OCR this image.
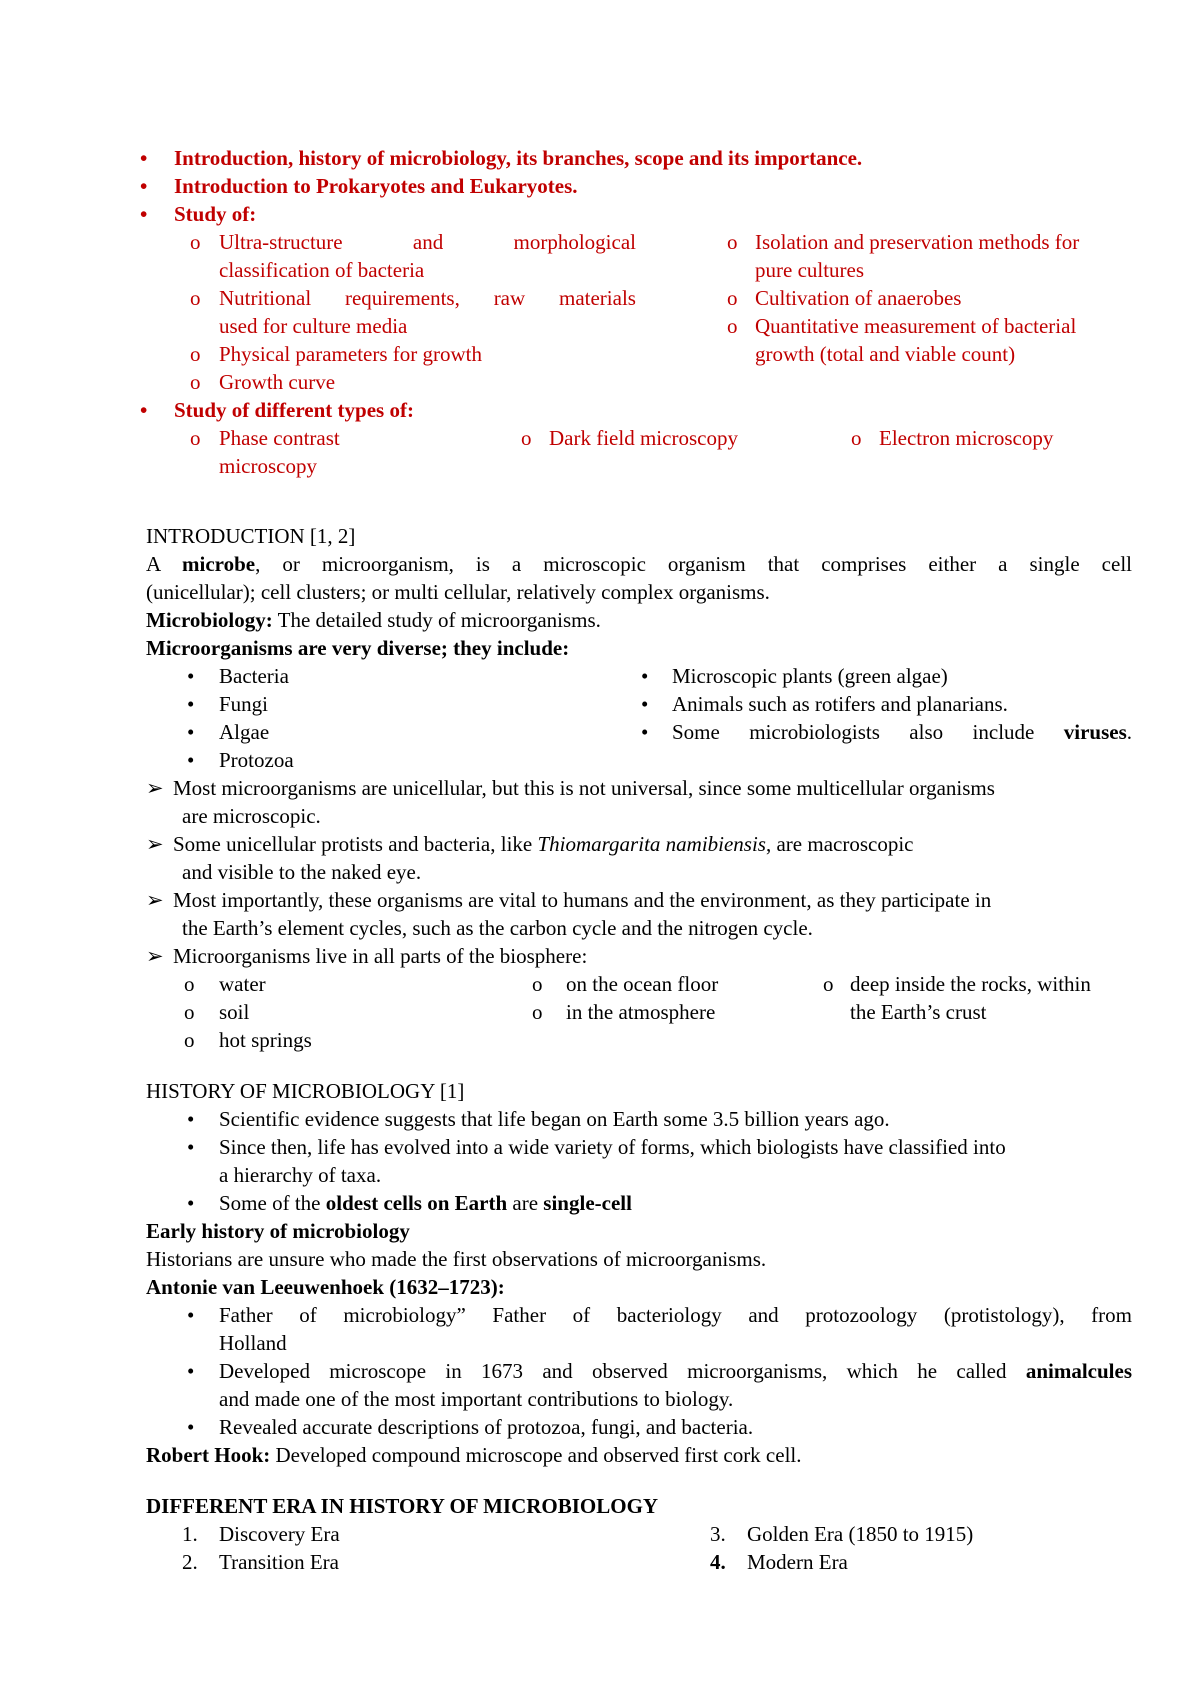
• Introduction, history of microbiology, its branches, scope and its importance.
• Introduction to Prokaryotes and Eukaryotes.
• Study of:
o Ultra-structure	and	morphological
classification of bacteria
o Nutritional requirements, raw materials
used for culture media
o Physical parameters for growth
o Growth curve
o Isolation and preservation methods for
pure cultures
o Cultivation of anaerobes
o Quantitative measurement of bacterial
growth (total and viable count)
• Study of different types of:
o Phase contrast	o Dark field microscopy	o Electron microscopy
microscopy
INTRODUCTION [1, 2]
A microbe, or microorganism, is a microscopic organism that comprises either a single cell
(unicellular); cell clusters; or multi cellular, relatively complex organisms.
Microbiology: The detailed study of microorganisms.
Microorganisms are very diverse; they include:
• Bacteria	• Microscopic plants (green algae)
• Fungi	• Animals such as rotifers and planarians.
• Algae	• Some microbiologists also include viruses.
• Protozoa
➢ Most microorganisms are unicellular, but this is not universal, since some multicellular organisms
are microscopic.
➢ Some unicellular protists and bacteria, like Thiomargarita namibiensis, are macroscopic
and visible to the naked eye.
➢ Most importantly, these organisms are vital to humans and the environment, as they participate in
the Earth’s element cycles, such as the carbon cycle and the nitrogen cycle.
➢ Microorganisms live in all parts of the biosphere:
o water	o on the ocean floor	o deep inside the rocks, within
o soil	o in the atmosphere	the Earth’s crust
o hot springs
HISTORY OF MICROBIOLOGY [1]
• Scientific evidence suggests that life began on Earth some 3.5 billion years ago.
• Since then, life has evolved into a wide variety of forms, which biologists have classified into
a hierarchy of taxa.
• Some of the oldest cells on Earth are single-cell
Early history of microbiology
Historians are unsure who made the first observations of microorganisms.
Antonie van Leeuwenhoek (1632–1723):
• Father of microbiology” Father of bacteriology and protozoology (protistology), from
Holland
• Developed microscope in 1673 and observed microorganisms, which he called animalcules
and made one of the most important contributions to biology.
• Revealed accurate descriptions of protozoa, fungi, and bacteria.
Robert Hook: Developed compound microscope and observed first cork cell.
DIFFERENT ERA IN HISTORY OF MICROBIOLOGY
1. Discovery Era	3. Golden Era (1850 to 1915)
2. Transition Era	4. Modern Era
